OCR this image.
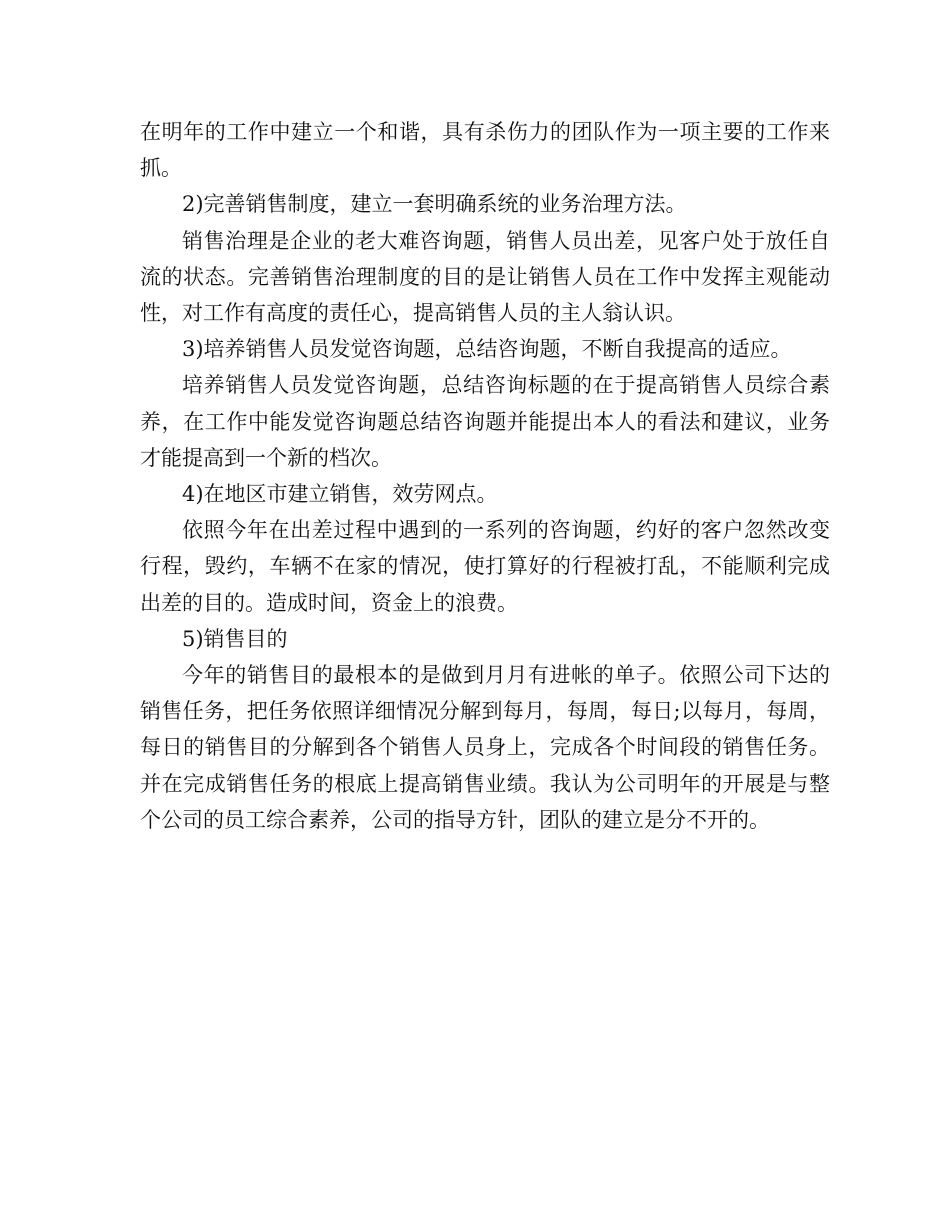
在明年的工作中建立一个和谐，具有杀伤力的团队作为一项主要的工作来抓。

2)完善销售制度，建立一套明确系统的业务治理方法。

销售治理是企业的老大难咨询题，销售人员出差，见客户处于放任自流的状态。完善销售治理制度的目的是让销售人员在工作中发挥主观能动性，对工作有高度的责任心，提高销售人员的主人翁认识。

3)培养销售人员发觉咨询题，总结咨询题，不断自我提高的适应。

培养销售人员发觉咨询题，总结咨询标题的在于提高销售人员综合素养，在工作中能发觉咨询题总结咨询题并能提出本人的看法和建议，业务才能提高到一个新的档次。

4)在地区市建立销售，效劳网点。

依照今年在出差过程中遇到的一系列的咨询题，约好的客户忽然改变行程，毁约，车辆不在家的情况，使打算好的行程被打乱，不能顺利完成出差的目的。造成时间，资金上的浪费。

5)销售目的

今年的销售目的最根本的是做到月月有进帐的单子。依照公司下达的销售任务，把任务依照详细情况分解到每月，每周，每日;以每月，每周，每日的销售目的分解到各个销售人员身上，完成各个时间段的销售任务。并在完成销售任务的根底上提高销售业绩。我认为公司明年的开展是与整个公司的员工综合素养，公司的指导方针，团队的建立是分不开的。
